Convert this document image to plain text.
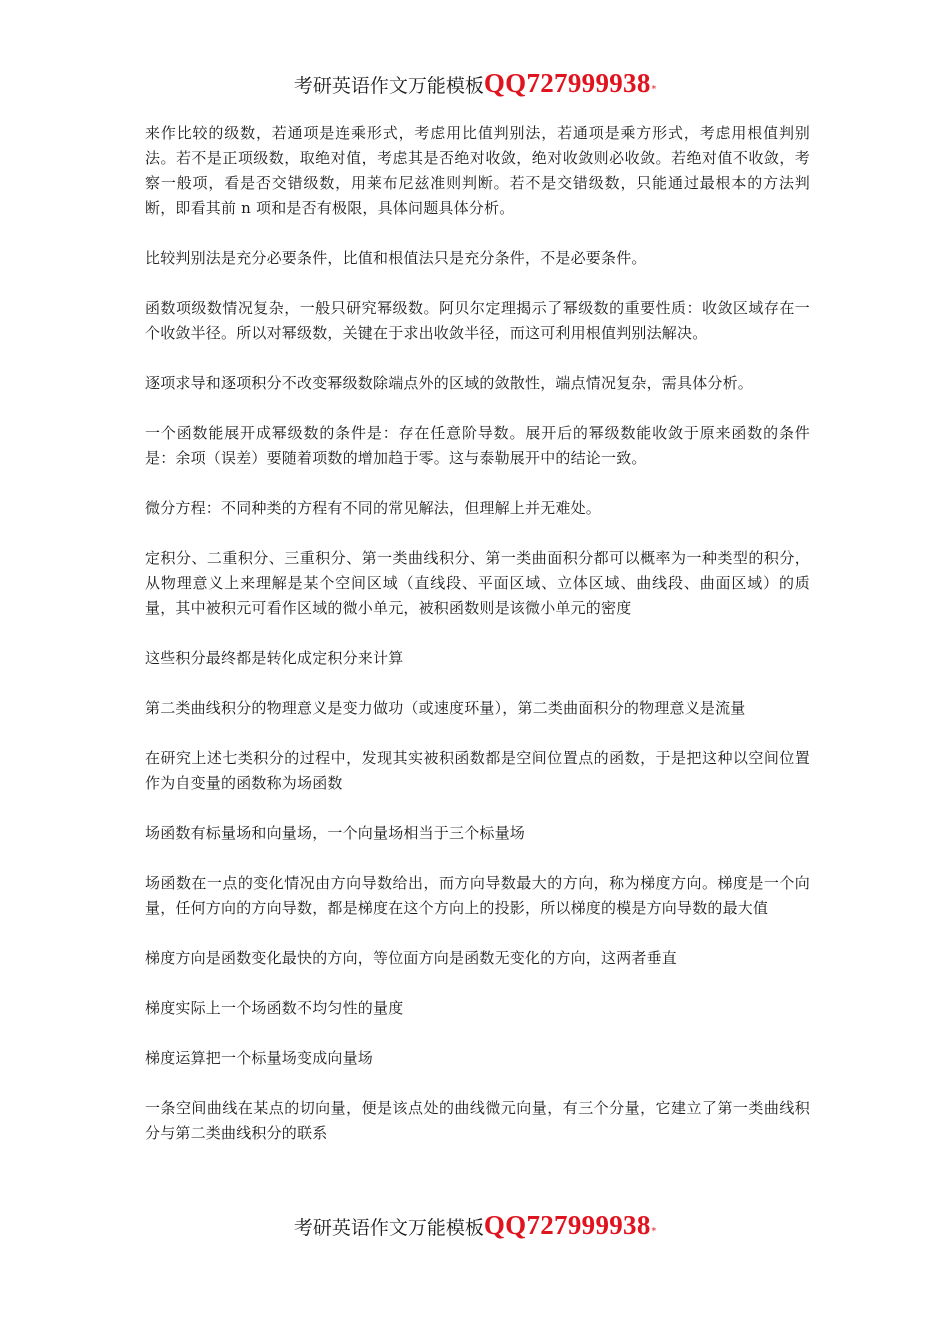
考研英语作文万能模板QQ727999938*

来作比较的级数，若通项是连乘形式，考虑用比值判别法，若通项是乘方形式，考虑用根值判别法。若不是正项级数，取绝对值，考虑其是否绝对收敛，绝对收敛则必收敛。若绝对值不收敛，考察一般项，看是否交错级数，用莱布尼兹准则判断。若不是交错级数，只能通过最根本的方法判断，即看其前 n 项和是否有极限，具体问题具体分析。

比较判别法是充分必要条件，比值和根值法只是充分条件，不是必要条件。

函数项级数情况复杂，一般只研究幂级数。阿贝尔定理揭示了幂级数的重要性质：收敛区域存在一个收敛半径。所以对幂级数，关键在于求出收敛半径，而这可利用根值判别法解决。

逐项求导和逐项积分不改变幂级数除端点外的区域的敛散性，端点情况复杂，需具体分析。

一个函数能展开成幂级数的条件是：存在任意阶导数。展开后的幂级数能收敛于原来函数的条件是：余项（误差）要随着项数的增加趋于零。这与泰勒展开中的结论一致。

微分方程：不同种类的方程有不同的常见解法，但理解上并无难处。

定积分、二重积分、三重积分、第一类曲线积分、第一类曲面积分都可以概率为一种类型的积分，从物理意义上来理解是某个空间区域（直线段、平面区域、立体区域、曲线段、曲面区域）的质量，其中被积元可看作区域的微小单元，被积函数则是该微小单元的密度

这些积分最终都是转化成定积分来计算

第二类曲线积分的物理意义是变力做功（或速度环量），第二类曲面积分的物理意义是流量

在研究上述七类积分的过程中，发现其实被积函数都是空间位置点的函数，于是把这种以空间位置作为自变量的函数称为场函数

场函数有标量场和向量场，一个向量场相当于三个标量场

场函数在一点的变化情况由方向导数给出，而方向导数最大的方向，称为梯度方向。梯度是一个向量，任何方向的方向导数，都是梯度在这个方向上的投影，所以梯度的模是方向导数的最大值

梯度方向是函数变化最快的方向，等位面方向是函数无变化的方向，这两者垂直

梯度实际上一个场函数不均匀性的量度

梯度运算把一个标量场变成向量场

一条空间曲线在某点的切向量，便是该点处的曲线微元向量，有三个分量，它建立了第一类曲线积分与第二类曲线积分的联系

考研英语作文万能模板QQ727999938*
